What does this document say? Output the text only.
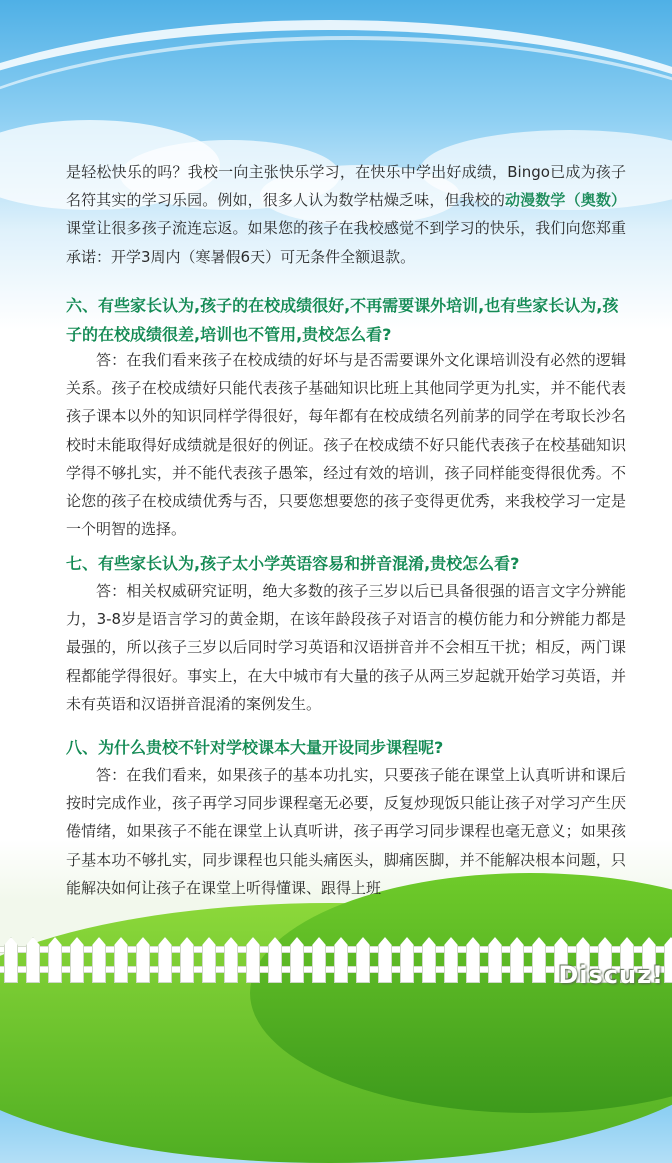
是轻松快乐的吗？我校一向主张快乐学习，在快乐中学出好成绩，Bingo已成为孩子名符其实的学习乐园。例如，很多人认为数学枯燥乏味，但我校的动漫数学（奥数）课堂让很多孩子流连忘返。如果您的孩子在我校感觉不到学习的快乐，我们向您郑重承诺：开学3周内（寒暑假6天）可无条件全额退款。

六、有些家长认为,孩子的在校成绩很好,不再需要课外培训,也有些家长认为,孩子的在校成绩很差,培训也不管用,贵校怎么看?

答：在我们看来孩子在校成绩的好坏与是否需要课外文化课培训没有必然的逻辑关系。孩子在校成绩好只能代表孩子基础知识比班上其他同学更为扎实，并不能代表孩子课本以外的知识同样学得很好，每年都有在校成绩名列前茅的同学在考取长沙名校时未能取得好成绩就是很好的例证。孩子在校成绩不好只能代表孩子在校基础知识学得不够扎实，并不能代表孩子愚笨，经过有效的培训，孩子同样能变得很优秀。不论您的孩子在校成绩优秀与否，只要您想要您的孩子变得更优秀，来我校学习一定是一个明智的选择。

七、有些家长认为,孩子太小学英语容易和拼音混淆,贵校怎么看?

答：相关权威研究证明，绝大多数的孩子三岁以后已具备很强的语言文字分辨能力，3-8岁是语言学习的黄金期，在该年龄段孩子对语言的模仿能力和分辨能力都是最强的，所以孩子三岁以后同时学习英语和汉语拼音并不会相互干扰；相反，两门课程都能学得很好。事实上，在大中城市有大量的孩子从两三岁起就开始学习英语，并未有英语和汉语拼音混淆的案例发生。

八、为什么贵校不针对学校课本大量开设同步课程呢?

答：在我们看来，如果孩子的基本功扎实，只要孩子能在课堂上认真听讲和课后按时完成作业，孩子再学习同步课程毫无必要，反复炒现饭只能让孩子对学习产生厌倦情绪，如果孩子不能在课堂上认真听讲，孩子再学习同步课程也毫无意义；如果孩子基本功不够扎实，同步课程也只能头痛医头，脚痛医脚，并不能解决根本问题，只能解决如何让孩子在课堂上听得懂课、跟得上班

Discuz!
